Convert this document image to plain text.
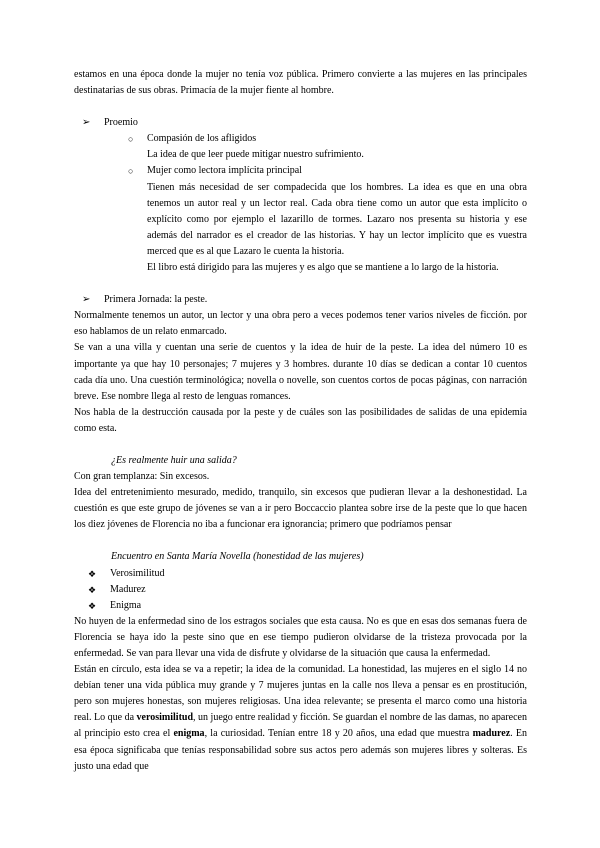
estamos en una época donde la mujer no tenía voz pública. Primero convierte a las mujeres en las principales destinatarias de sus obras. Primacía de la mujer fiente al hombre.

➢ Proemio
○ Compasión de los afligidos
La idea de que leer puede mitigar nuestro sufrimiento.
○ Mujer como lectora implícita principal
Tienen más necesidad de ser compadecida que los hombres. La idea es que en una obra tenemos un autor real y un lector real. Cada obra tiene como un autor que esta implícito o explícito como por ejemplo el lazarillo de tormes. Lazaro nos presenta su historia y ese además del narrador es el creador de las historias. Y hay un lector implícito que es vuestra merced que es al que Lazaro le cuenta la historia.
El libro está dirigido para las mujeres y es algo que se mantiene a lo largo de la historia.
➢ Primera Jornada: la peste.

Normalmente tenemos un autor, un lector y una obra pero a veces podemos tener varios niveles de ficción. por eso hablamos de un relato enmarcado.

Se van a una villa y cuentan una serie de cuentos y la idea de huir de la peste. La idea del número 10 es importante ya que hay 10 personajes; 7 mujeres y 3 hombres. durante 10 días se dedican a contar 10 cuentos cada día uno. Una cuestión terminológica; novella o novelle, son cuentos cortos de pocas páginas, con narración breve. Ese nombre llega al resto de lenguas romances.

Nos habla de la destrucción causada por la peste y de cuáles son las posibilidades de salidas de una epidemia como esta.

¿Es realmente huir una salida?

Con gran templanza: Sin excesos.

Idea del entretenimiento mesurado, medido, tranquilo, sin excesos que pudieran llevar a la deshonestidad. La cuestión es que este grupo de jóvenes se van a ir pero Boccaccio plantea sobre irse de la peste que lo que hacen los diez jóvenes de Florencia no iba a funcionar era ignorancia; primero que podríamos pensar

Encuentro en Santa María Novella (honestidad de las mujeres)

❖ Verosimilitud
❖ Madurez
❖ Enigma

No huyen de la enfermedad sino de los estragos sociales que esta causa. No es que en esas dos semanas fuera de Florencia se haya ido la peste sino que en ese tiempo pudieron olvidarse de la tristeza provocada por la enfermedad. Se van para llevar una vida de disfrute y olvidarse de la situación que causa la enfermedad.

Están en círculo, esta idea se va a repetir; la idea de la comunidad. La honestidad, las mujeres en el siglo 14 no debían tener una vida pública muy grande y 7 mujeres juntas en la calle nos lleva a pensar es en prostitución, pero son mujeres honestas, son mujeres religiosas. Una idea relevante; se presenta el marco como una historia real. Lo que da verosimilitud, un juego entre realidad y ficción. Se guardan el nombre de las damas, no aparecen al principio esto crea el enigma, la curiosidad. Tenían entre 18 y 20 años, una edad que muestra madurez. En esa época significaba que tenías responsabilidad sobre sus actos pero además son mujeres libres y solteras. Es justo una edad que
